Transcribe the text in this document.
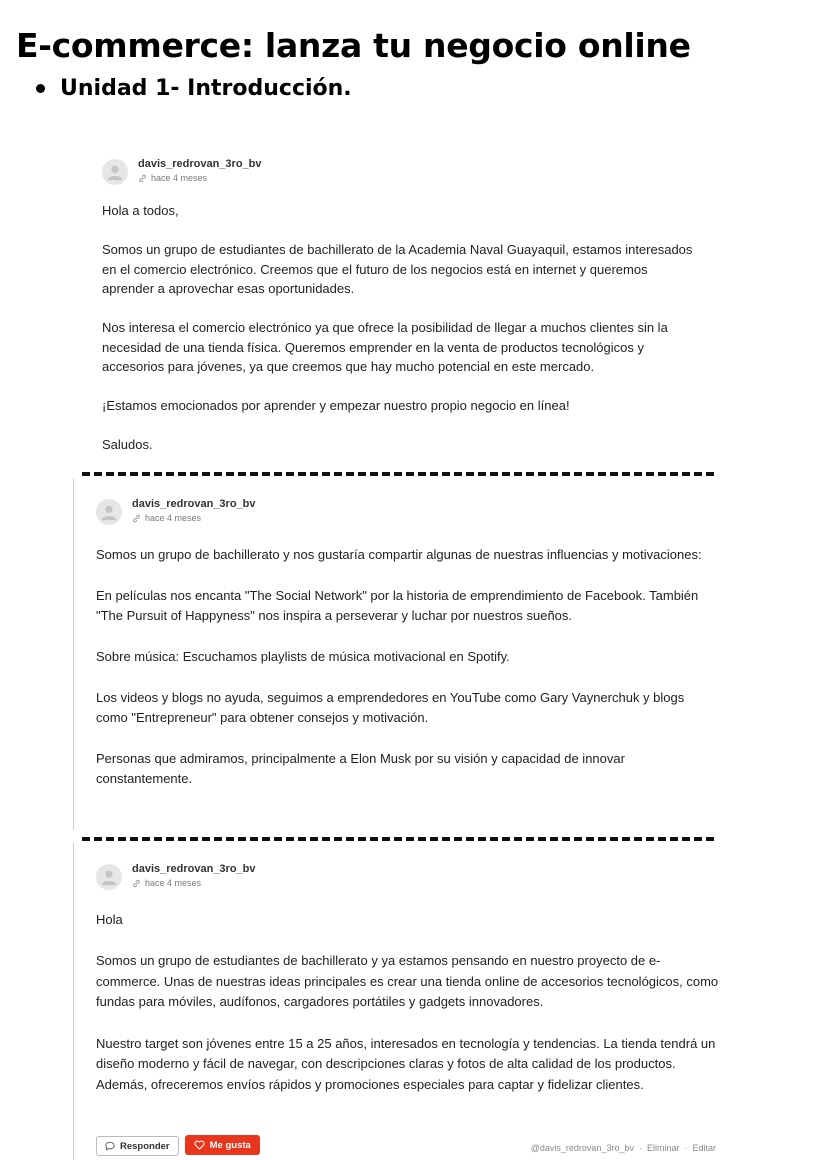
E-commerce: lanza tu negocio online
Unidad 1- Introducción.
davis_redrovan_3ro_bv
hace 4 meses

Hola a todos,

Somos un grupo de estudiantes de bachillerato de la Academia Naval Guayaquil, estamos interesados en el comercio electrónico. Creemos que el futuro de los negocios está en internet y queremos aprender a aprovechar esas oportunidades.

Nos interesa el comercio electrónico ya que ofrece la posibilidad de llegar a muchos clientes sin la necesidad de una tienda física. Queremos emprender en la venta de productos tecnológicos y accesorios para jóvenes, ya que creemos que hay mucho potencial en este mercado.

¡Estamos emocionados por aprender y empezar nuestro propio negocio en línea!

Saludos.

davis_redrovan_3ro_bv
hace 4 meses

Somos un grupo de bachillerato y nos gustaría compartir algunas de nuestras influencias y motivaciones:

En películas nos encanta "The Social Network" por la historia de emprendimiento de Facebook. También "The Pursuit of Happyness" nos inspira a perseverar y luchar por nuestros sueños.

Sobre música: Escuchamos playlists de música motivacional en Spotify.

Los videos y blogs no ayuda, seguimos a emprendedores en YouTube como Gary Vaynerchuk y blogs como "Entrepreneur" para obtener consejos y motivación.

Personas que admiramos, principalmente a Elon Musk por su visión y capacidad de innovar constantemente.

davis_redrovan_3ro_bv
hace 4 meses

Hola

Somos un grupo de estudiantes de bachillerato y ya estamos pensando en nuestro proyecto de e-commerce. Unas de nuestras ideas principales es crear una tienda online de accesorios tecnológicos, como fundas para móviles, audífonos, cargadores portátiles y gadgets innovadores.

Nuestro target son jóvenes entre 15 a 25 años, interesados en tecnología y tendencias. La tienda tendrá un diseño moderno y fácil de navegar, con descripciones claras y fotos de alta calidad de los productos. Además, ofreceremos envíos rápidos y promociones especiales para captar y fidelizar clientes.

Responder	Me gusta	@davis_redrovan_3ro_bv · Eliminar · Editar
